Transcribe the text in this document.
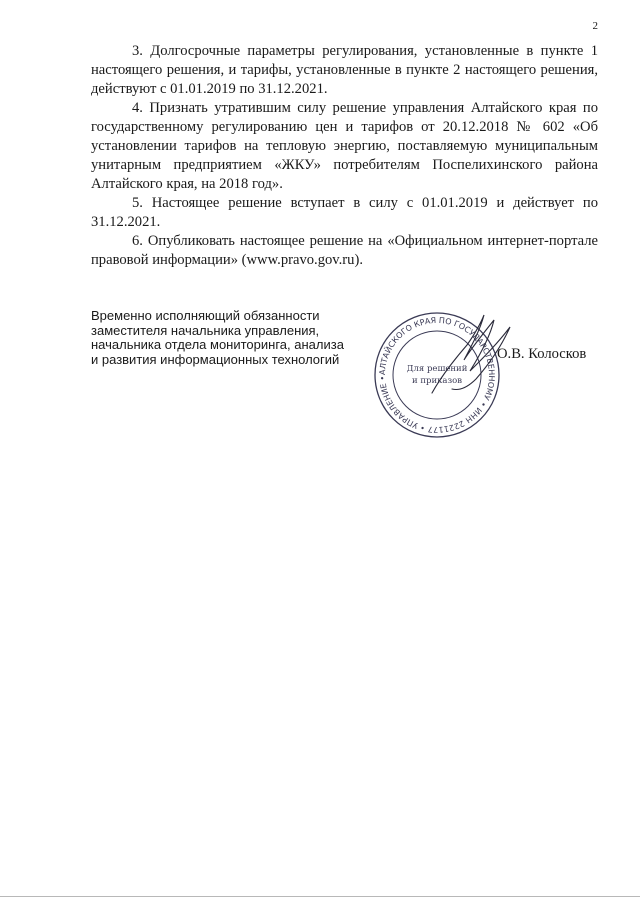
2

3. Долгосрочные параметры регулирования, установленные в пункте 1 настоящего решения, и тарифы, установленные в пункте 2 настоящего решения, действуют с 01.01.2019 по 31.12.2021.

4. Признать утратившим силу решение управления Алтайского края по государственному регулированию цен и тарифов от 20.12.2018 № 602 «Об установлении тарифов на тепловую энергию, поставляемую муниципальным унитарным предприятием «ЖКУ» потребителям Поспелихинского района Алтайского края, на 2018 год».

5. Настоящее решение вступает в силу с 01.01.2019 и действует по 31.12.2021.

6. Опубликовать настоящее решение на «Официальном интернет-портале правовой информации» (www.pravo.gov.ru).

Временно исполняющий обязанности
заместителя начальника управления,
начальника отдела мониторинга, анализа
и развития информационных технологий
АЛТАЙСКОГО КРАЯ ПО ГОСУДАРСТВЕННОМУ • ИНН 2221177 • УПРАВЛЕНИЕ •
Для решений
и приказов
О.В. Колосков
